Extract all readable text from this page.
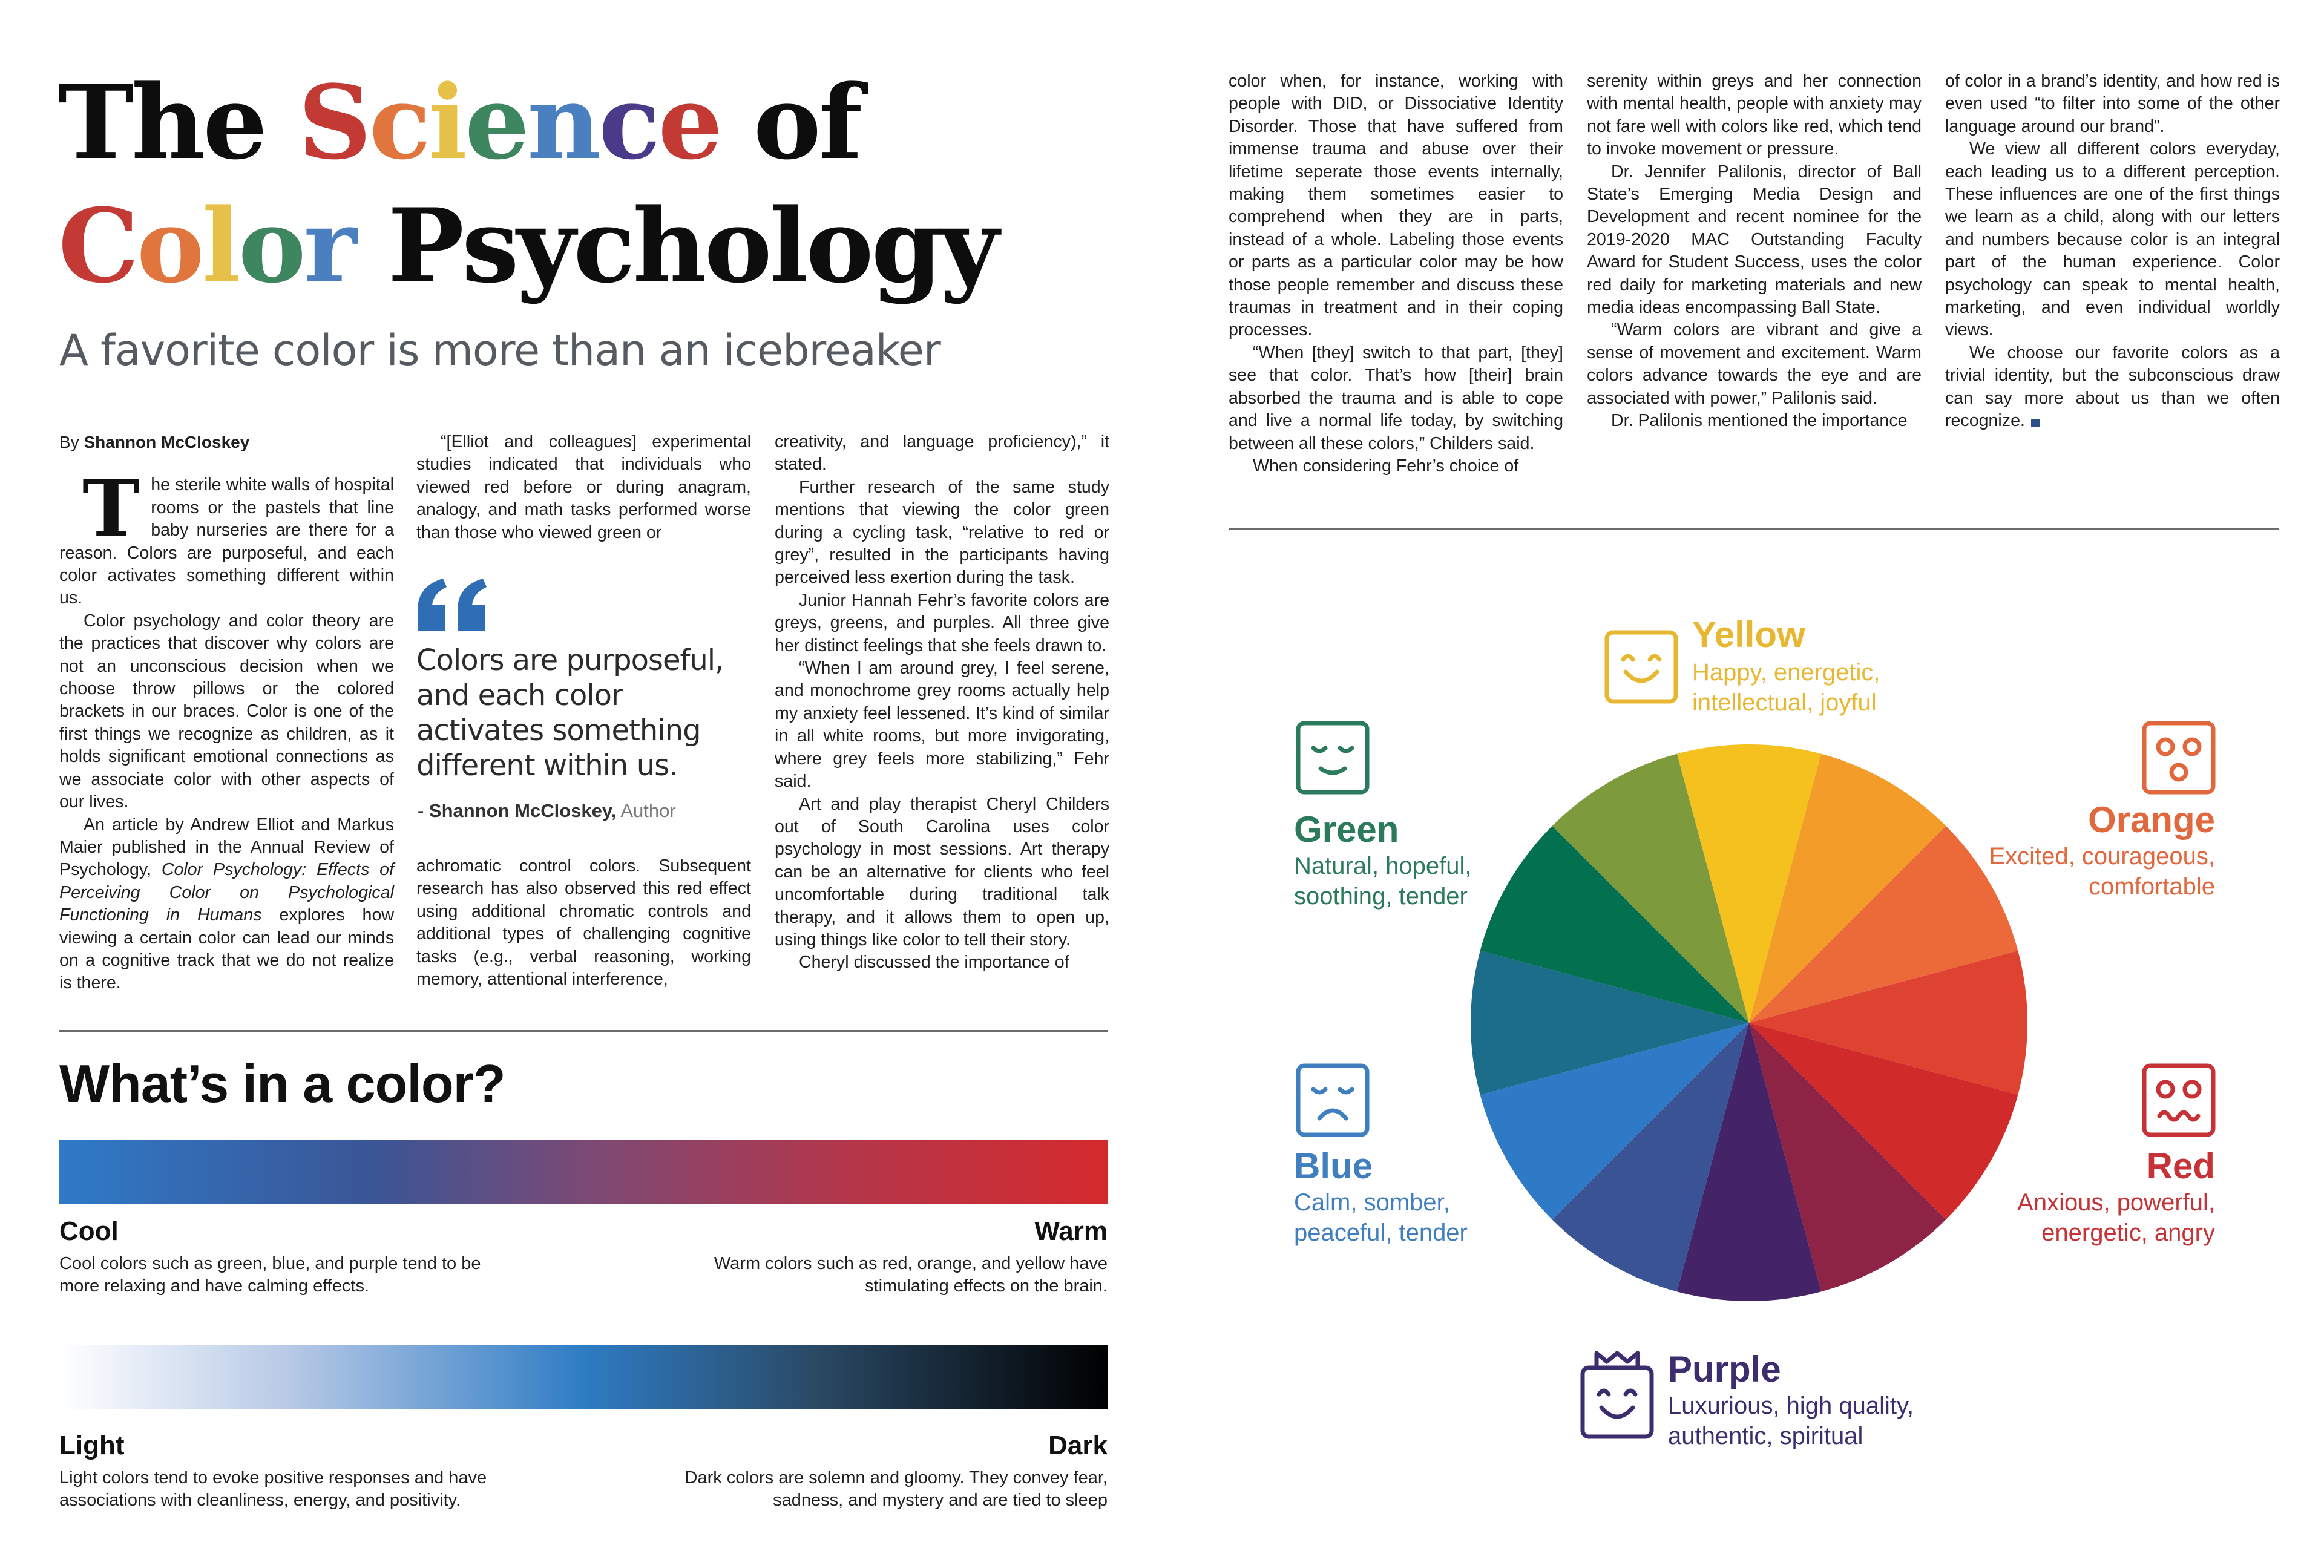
The Science of
Color Psychology
A favorite color is more than an icebreaker

By Shannon McCloskey

The sterile white walls of hospital rooms or the pastels that line baby nurseries are there for a reason. Colors are purposeful, and each color activates something different within us.

Color psychology and color theory are the practices that discover why colors are not an unconscious decision when we choose throw pillows or the colored brackets in our braces. Color is one of the first things we recognize as children, as it holds significant emotional connections as we associate color with other aspects of our lives.

An article by Andrew Elliot and Markus Maier published in the Annual Review of Psychology, Color Psychology: Effects of Perceiving Color on Psychological Functioning in Humans explores how viewing a certain color can lead our minds on a cognitive track that we do not realize is there.

“[Elliot and colleagues] experimental studies indicated that individuals who viewed red before or during anagram, analogy, and math tasks performed worse than those who viewed green or

Colors are purposeful, and each color activates something different within us.
- Shannon McCloskey, Author

achromatic control colors. Subsequent research has also observed this red effect using additional chromatic controls and additional types of challenging cognitive tasks (e.g., verbal reasoning, working memory, attentional interference,

creativity, and language proficiency),” it stated.

Further research of the same study mentions that viewing the color green during a cycling task, “relative to red or grey”, resulted in the participants having perceived less exertion during the task.

Junior Hannah Fehr’s favorite colors are greys, greens, and purples. All three give her distinct feelings that she feels drawn to.

“When I am around grey, I feel serene, and monochrome grey rooms actually help my anxiety feel lessened. It’s kind of similar in all white rooms, but more invigorating, where grey feels more stabilizing,” Fehr said.

Art and play therapist Cheryl Childers out of South Carolina uses color psychology in most sessions. Art therapy can be an alternative for clients who feel uncomfortable during traditional talk therapy, and it allows them to open up, using things like color to tell their story.

Cheryl discussed the importance of

color when, for instance, working with people with DID, or Dissociative Identity Disorder. Those that have suffered from immense trauma and abuse over their lifetime seperate those events internally, making them sometimes easier to comprehend when they are in parts, instead of a whole. Labeling those events or parts as a particular color may be how those people remember and discuss these traumas in treatment and in their coping processes.

“When [they] switch to that part, [they] see that color. That’s how [their] brain absorbed the trauma and is able to cope and live a normal life today, by switching between all these colors,” Childers said.

When considering Fehr’s choice of

serenity within greys and her connection with mental health, people with anxiety may not fare well with colors like red, which tend to invoke movement or pressure.

Dr. Jennifer Palilonis, director of Ball State’s Emerging Media Design and Development and recent nominee for the 2019-2020 MAC Outstanding Faculty Award for Student Success, uses the color red daily for marketing materials and new media ideas encompassing Ball State.

“Warm colors are vibrant and give a sense of movement and excitement. Warm colors advance towards the eye and are associated with power,” Palilonis said.

Dr. Palilonis mentioned the importance

of color in a brand’s identity, and how red is even used “to filter into some of the other language around our brand”.

We view all different colors everyday, each leading us to a different perception. These influences are one of the first things we learn as a child, along with our letters and numbers because color is an integral part of the human experience. Color psychology can speak to mental health, marketing, and even individual worldly views.

We choose our favorite colors as a trivial identity, but the subconscious draw can say more about us than we often recognize.

What’s in a color?
Cool	Warm
Cool colors such as green, blue, and purple tend to be more relaxing and have calming effects.
Warm colors such as red, orange, and yellow have stimulating effects on the brain.
Light	Dark
Light colors tend to evoke positive responses and have associations with cleanliness, energy, and positivity.
Dark colors are solemn and gloomy. They convey fear, sadness, and mystery and are tied to sleep
Yellow
Happy, energetic,
intellectual, joyful
Green
Natural, hopeful,
soothing, tender
Orange
Excited, courageous,
comfortable
Blue
Calm, somber,
peaceful, tender
Red
Anxious, powerful,
energetic, angry
Purple
Luxurious, high quality,
authentic, spiritual
